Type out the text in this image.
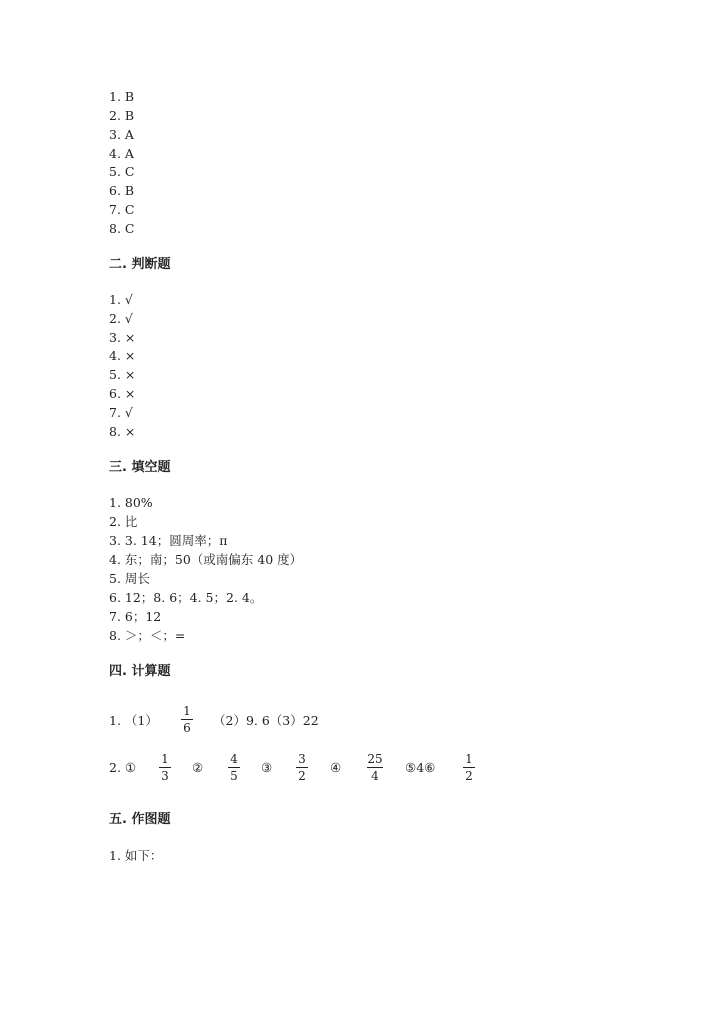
1. B
2. B
3. A
4. A
5. C
6. B
7. C
8. C
二. 判断题
1. √
2. √
3. ×
4. ×
5. ×
6. ×
7. √
8. ×
三. 填空题
1. 80%
2. 比
3. 3. 14；圆周率；π
4. 东；南；50（或南偏东 40 度）
5. 周长
6. 12；8. 6；4. 5；2. 4。
7. 6；12
8. ＞；＜；=
四. 计算题
1. （1）
1
6	（2）9. 6（3）22
2. ①
1
3
②
4
5
③
3
2
④
25
4
⑤4⑥
1
2
五. 作图题
1. 如下：
